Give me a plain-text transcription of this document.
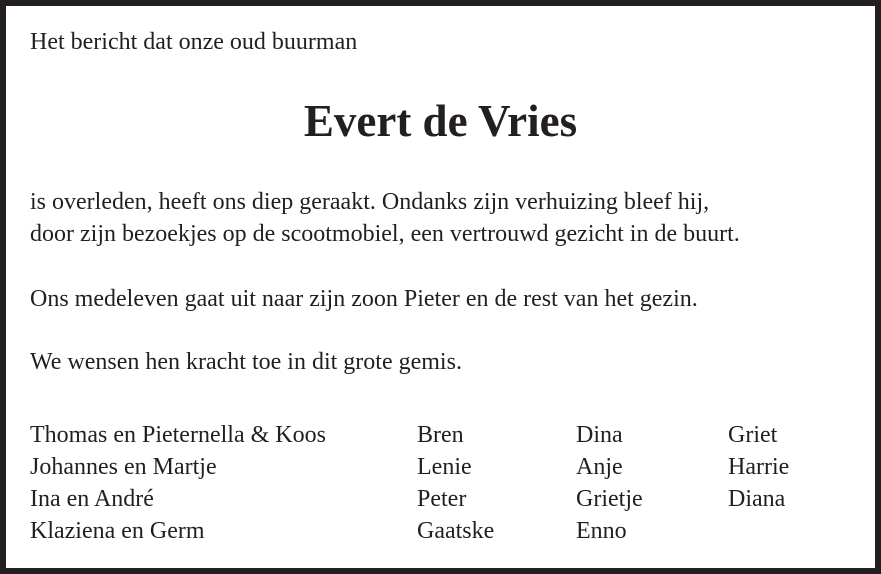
Het bericht dat onze oud buurman
Evert de Vries
is overleden, heeft ons diep geraakt. Ondanks zijn verhuizing bleef hij,
door zijn bezoekjes op de scootmobiel, een vertrouwd gezicht in de buurt.
Ons medeleven gaat uit naar zijn zoon Pieter en de rest van het gezin.
We wensen hen kracht toe in dit grote gemis.
Thomas en Pieternella & Koos	Bren	Dina	Griet
Johannes en Martje	Lenie	Anje	Harrie
Ina en André	Peter	Grietje	Diana
Klaziena en Germ	Gaatske	Enno
